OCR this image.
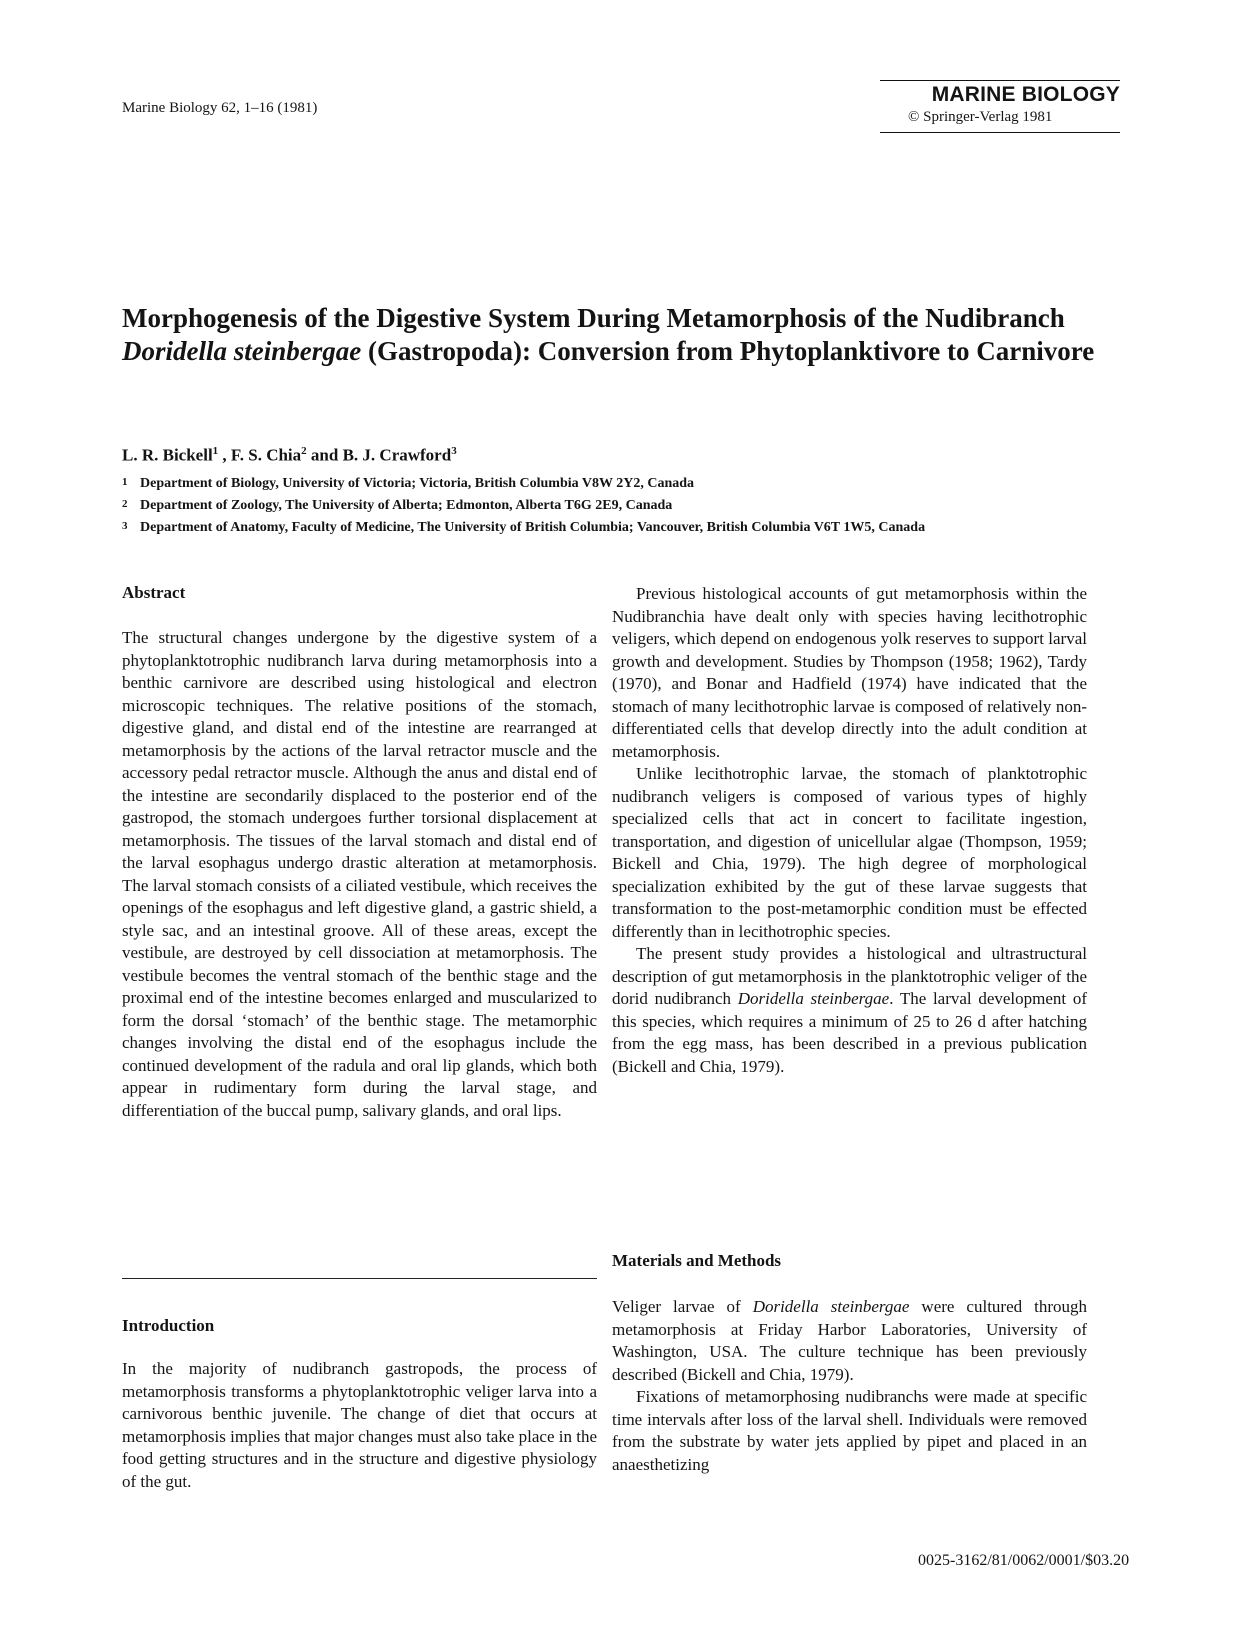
Marine Biology 62, 1–16 (1981)
MARINE BIOLOGY
© Springer-Verlag 1981
Morphogenesis of the Digestive System During Metamorphosis of the Nudibranch Doridella steinbergae (Gastropoda): Conversion from Phytoplanktivore to Carnivore
L. R. Bickell$^1$ , F. S. Chia$^2$ and B. J. Crawford$^3$
1 Department of Biology, University of Victoria; Victoria, British Columbia V8W 2Y2, Canada
2 Department of Zoology, The University of Alberta; Edmonton, Alberta T6G 2E9, Canada
3 Department of Anatomy, Faculty of Medicine, The University of British Columbia; Vancouver, British Columbia V6T 1W5, Canada
Abstract

The structural changes undergone by the digestive system of a phytoplanktotrophic nudibranch larva during metamorphosis into a benthic carnivore are described using histological and electron microscopic techniques. The relative positions of the stomach, digestive gland, and distal end of the intestine are rearranged at metamorphosis by the actions of the larval retractor muscle and the accessory pedal retractor muscle. Although the anus and distal end of the intestine are secondarily displaced to the posterior end of the gastropod, the stomach undergoes further torsional displacement at metamorphosis. The tissues of the larval stomach and distal end of the larval esophagus undergo drastic alteration at metamorphosis. The larval stomach consists of a ciliated vestibule, which receives the openings of the esophagus and left digestive gland, a gastric shield, a style sac, and an intestinal groove. All of these areas, except the vestibule, are destroyed by cell dissociation at metamorphosis. The vestibule becomes the ventral stomach of the benthic stage and the proximal end of the intestine becomes enlarged and muscularized to form the dorsal ‘stomach’ of the benthic stage. The metamorphic changes involving the distal end of the esophagus include the continued development of the radula and oral lip glands, which both appear in rudimentary form during the larval stage, and differentiation of the buccal pump, salivary glands, and oral lips.

Introduction

In the majority of nudibranch gastropods, the process of metamorphosis transforms a phytoplanktotrophic veliger larva into a carnivorous benthic juvenile. The change of diet that occurs at metamorphosis implies that major changes must also take place in the food getting structures and in the structure and digestive physiology of the gut.

Previous histological accounts of gut metamorphosis within the Nudibranchia have dealt only with species having lecithotrophic veligers, which depend on endogenous yolk reserves to support larval growth and development. Studies by Thompson (1958; 1962), Tardy (1970), and Bonar and Hadfield (1974) have indicated that the stomach of many lecithotrophic larvae is composed of relatively non-differentiated cells that develop directly into the adult condition at metamorphosis.

Unlike lecithotrophic larvae, the stomach of planktotrophic nudibranch veligers is composed of various types of highly specialized cells that act in concert to facilitate ingestion, transportation, and digestion of unicellular algae (Thompson, 1959; Bickell and Chia, 1979). The high degree of morphological specialization exhibited by the gut of these larvae suggests that transformation to the post-metamorphic condition must be effected differently than in lecithotrophic species.

The present study provides a histological and ultrastructural description of gut metamorphosis in the planktotrophic veliger of the dorid nudibranch Doridella steinbergae. The larval development of this species, which requires a minimum of 25 to 26 d after hatching from the egg mass, has been described in a previous publication (Bickell and Chia, 1979).

Materials and Methods

Veliger larvae of Doridella steinbergae were cultured through metamorphosis at Friday Harbor Laboratories, University of Washington, USA. The culture technique has been previously described (Bickell and Chia, 1979).

Fixations of metamorphosing nudibranchs were made at specific time intervals after loss of the larval shell. Individuals were removed from the substrate by water jets applied by pipet and placed in an anaesthetizing

0025-3162/81/0062/0001/$03.20
